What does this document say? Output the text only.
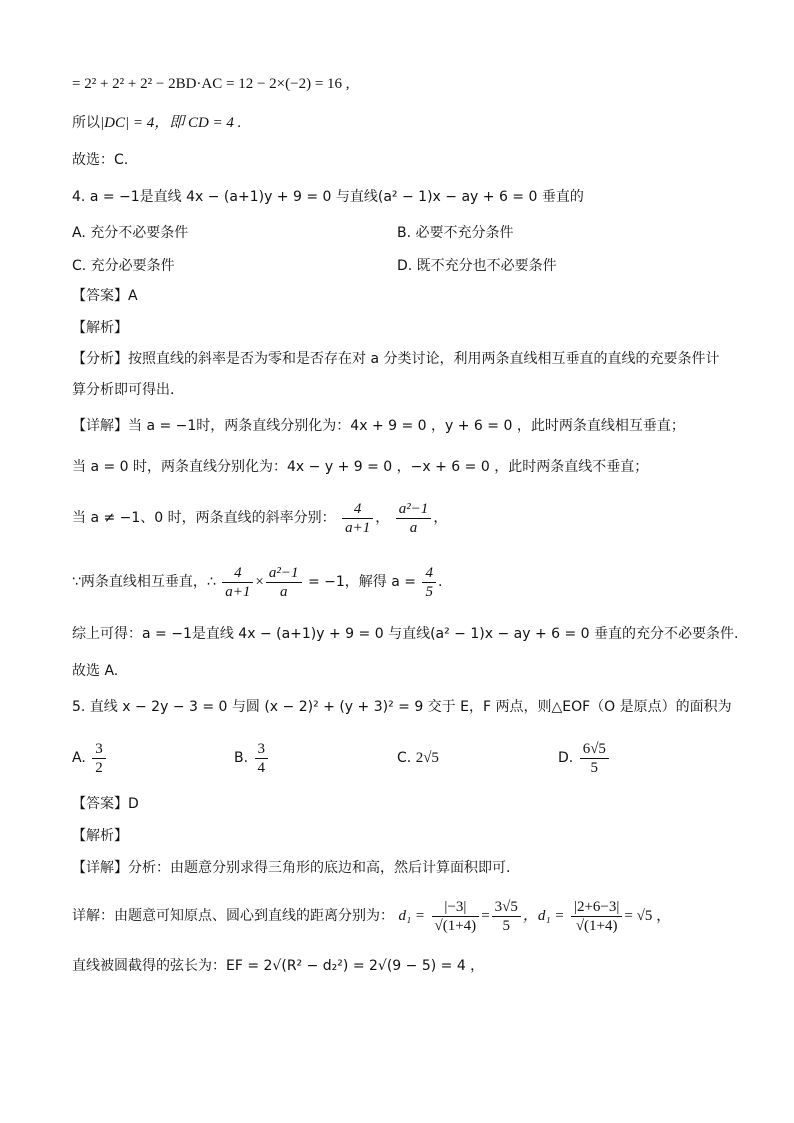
= 2² + 2² + 2² − 2BD·AC = 12 − 2×(−2) = 16 ,
所以|DC| = 4，即 CD = 4 .
故选：C.
4. a = −1是直线 4x − (a+1)y + 9 = 0 与直线(a² − 1)x − ay + 6 = 0 垂直的
A. 充分不必要条件	B. 必要不充分条件
C. 充分必要条件	D. 既不充分也不必要条件
【答案】A
【解析】
【分析】按照直线的斜率是否为零和是否存在对 a 分类讨论，利用两条直线相互垂直的直线的充要条件计
算分析即可得出.
【详解】当 a = −1时，两条直线分别化为：4x + 9 = 0 ，y + 6 = 0 ，此时两条直线相互垂直；
当 a = 0 时，两条直线分别化为：4x − y + 9 = 0 ，−x + 6 = 0 ，此时两条直线不垂直；
当 a ≠ −1、0 时，两条直线的斜率分别： $\frac{4}{a+1}$ ， $\frac{\text{a²−1}}{a}$ ，
∵两条直线相互垂直，∴ $\frac{4}{a+1} \times \frac{\text{a²−1}}{a} = -1$，解得 $a = \frac{4}{5}$ .
综上可得：a = −1是直线 4x − (a+1)y + 9 = 0 与直线(a² − 1)x − ay + 6 = 0 垂直的充分不必要条件.
故选 A.
5. 直线 x − 2y − 3 = 0 与圆 (x − 2)² + (y + 3)² = 9 交于 E，F 两点，则△EOF（O 是原点）的面积为
A. $\frac{3}{2}$	B. $\frac{3}{4}$	C. 2√5	D. $\frac{6√5}{5}$
【答案】D
【解析】
【详解】分析：由题意分别求得三角形的底边和高，然后计算面积即可.
详解：由题意可知原点、圆心到直线的距离分别为： $d_1 = \frac{|-3|}{√(1+4)} = \frac{3√5}{5}$ ，$d_1 = \frac{|2+6-3|}{√(1+4)} = √5$ ，
直线被圆截得的弦长为：EF = 2√(R² − d₂²) = 2√(9 − 5) = 4 ，
